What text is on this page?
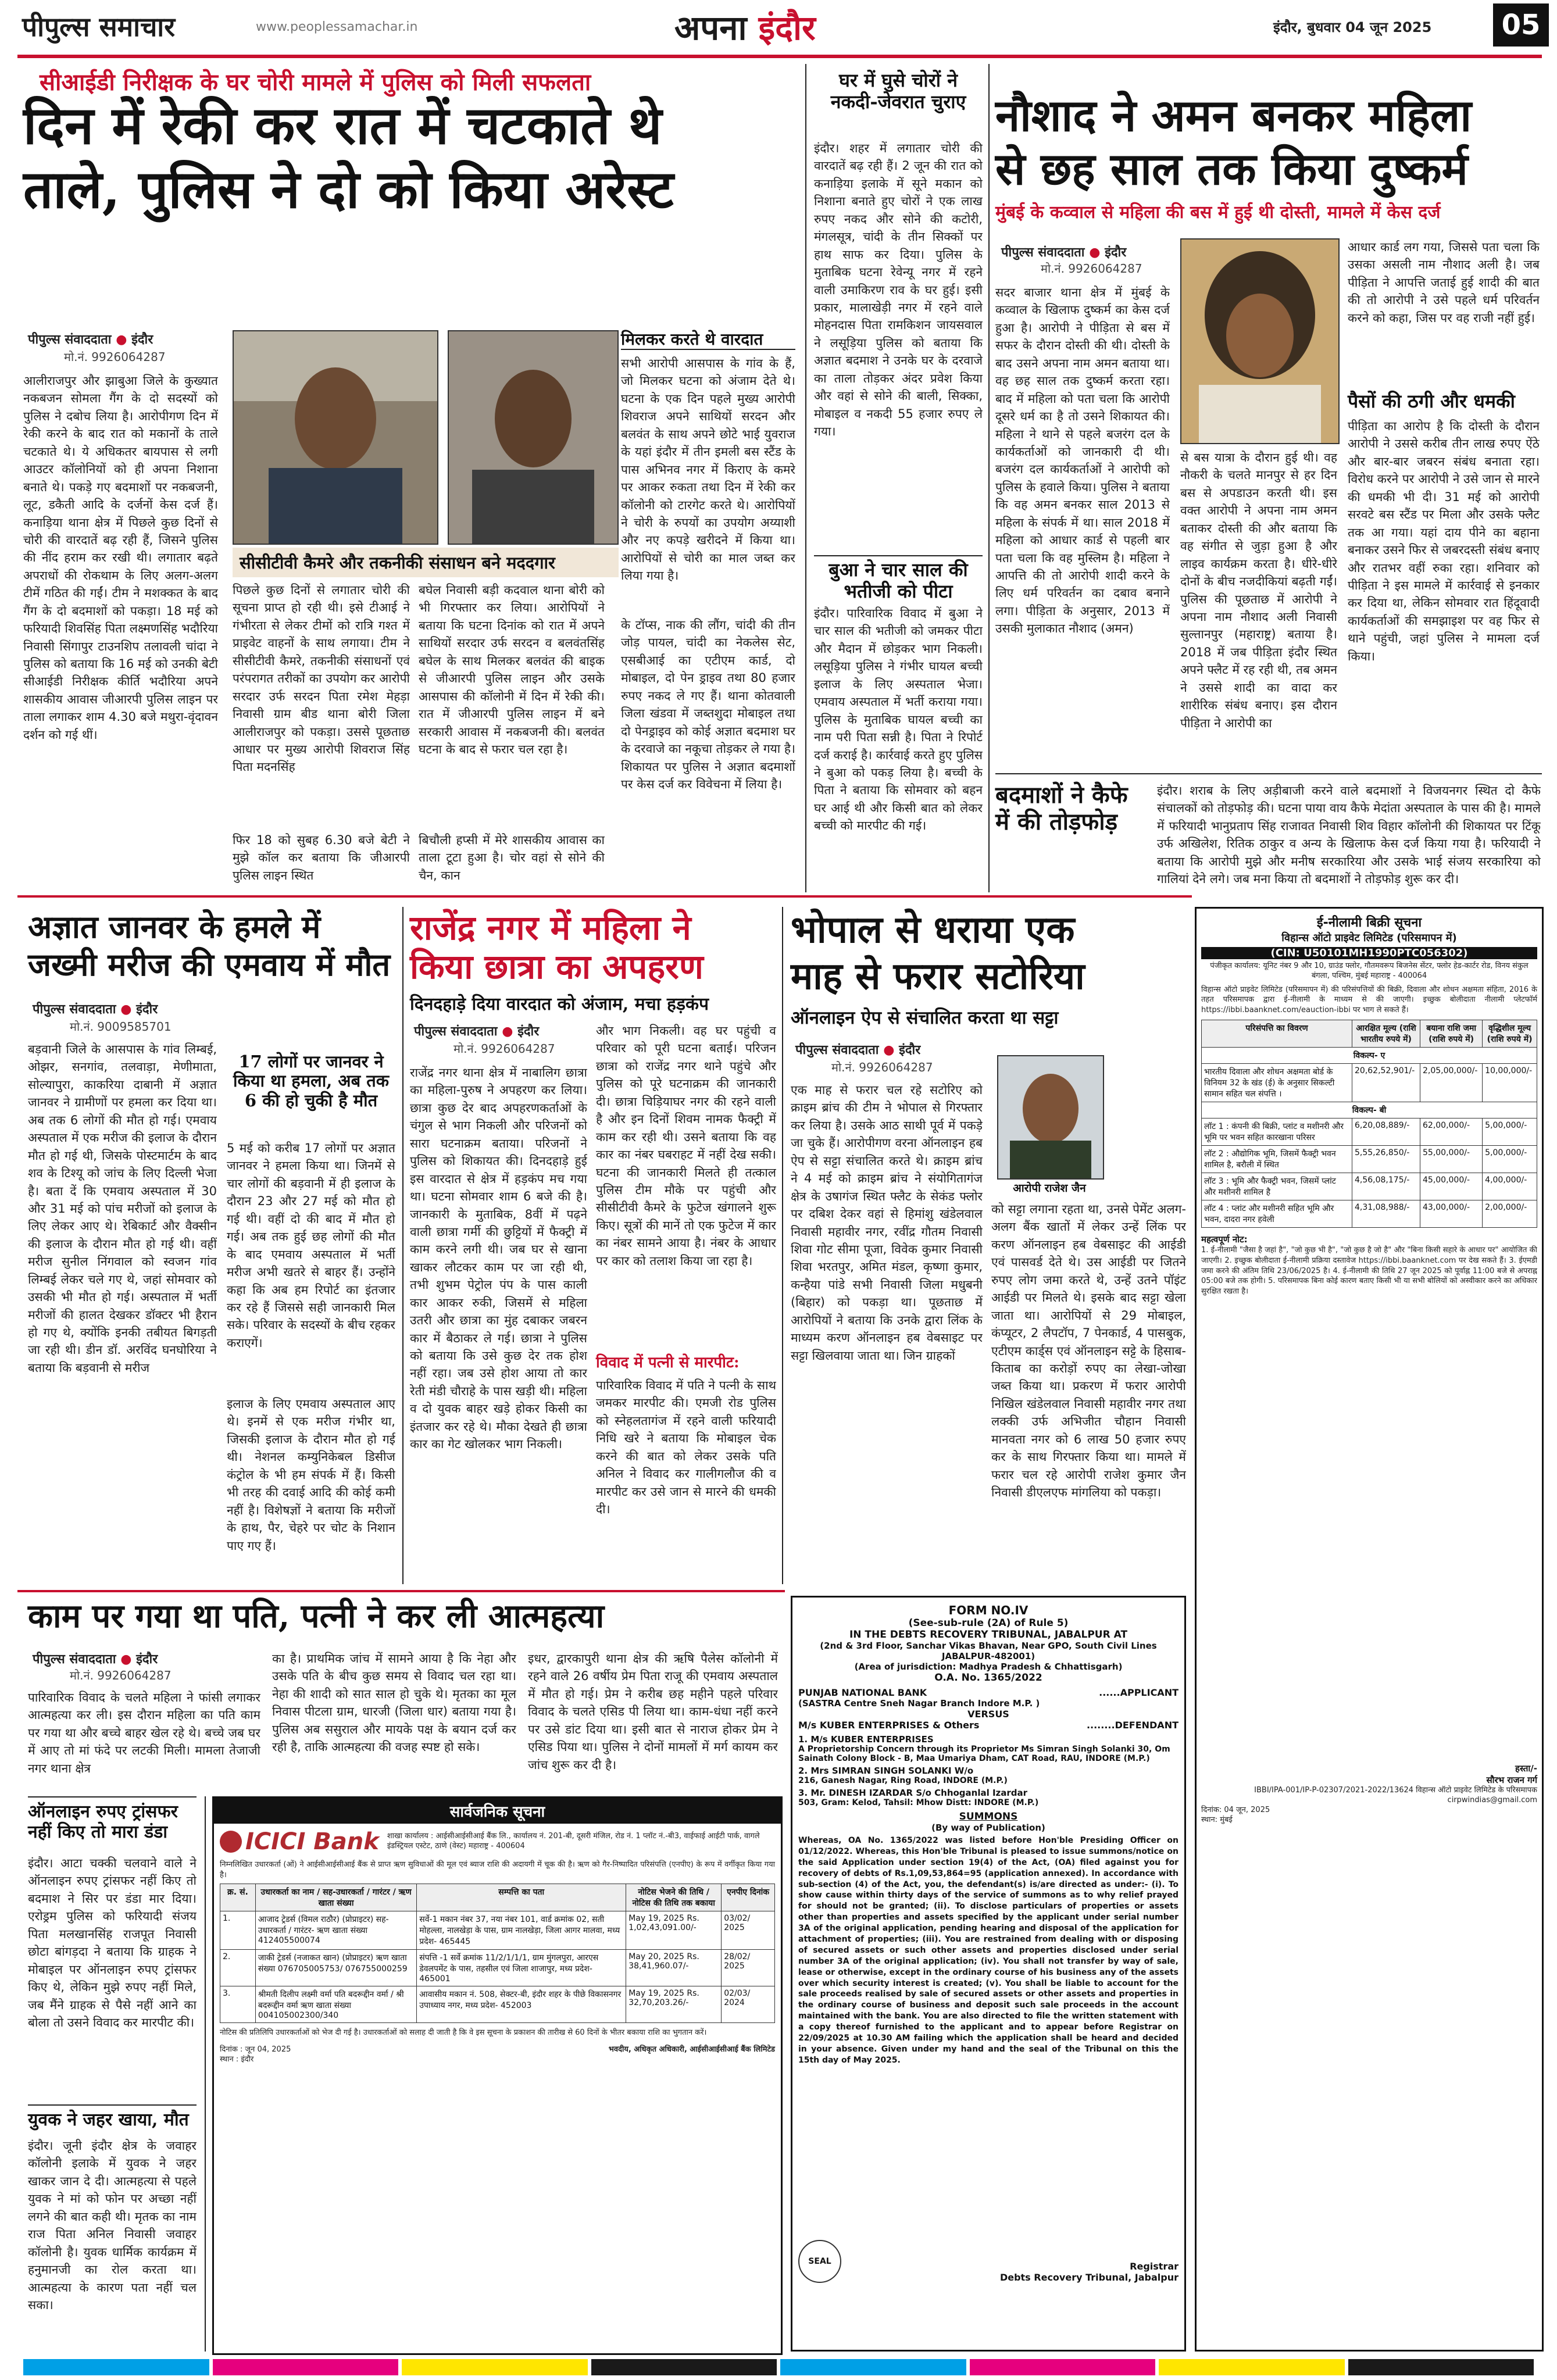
पीपुल्स समाचार	www.peoplessamachar.in	अपना इंदौर	इंदौर, बुधवार 04 जून 2025	05
सीआईडी निरीक्षक के घर चोरी मामले में पुलिस को मिली सफलता
दिन में रेकी कर रात में चटकाते थे
ताले, पुलिस ने दो को किया अरेस्ट
पीपुल्स संवाददाता ● इंदौर
मो.नं. 9926064287
आलीराजपुर और झाबुआ जिले के कुख्यात नकबजन सोमला गैंग के दो सदस्यों को पुलिस ने दबोच लिया है। आरोपीगण दिन में रेकी करने के बाद रात को मकानों के ताले चटकाते थे। ये अधिकतर बायपास से लगी आउटर कॉलोनियों को ही अपना निशाना बनाते थे। पकड़े गए बदमाशों पर नकबजनी, लूट, डकैती आदि के दर्जनों केस दर्ज हैं। कनाड़िया थाना क्षेत्र में पिछले कुछ दिनों से चोरी की वारदातें बढ़ रही हैं, जिसने पुलिस की नींद हराम कर रखी थी। लगातार बढ़ते अपराधों की रोकथाम के लिए अलग-अलग टीमें गठित की गईं। टीम ने मशक्कत के बाद गैंग के दो बदमाशों को पकड़ा। 18 मई को फरियादी शिवसिंह पिता लक्ष्मणसिंह भदौरिया निवासी सिंगापुर टाउनशिप तलावली चांदा ने पुलिस को बताया कि 16 मई को उनकी बेटी सीआईडी निरीक्षक कीर्ति भदौरिया अपने शासकीय आवास जीआरपी पुलिस लाइन पर ताला लगाकर शाम 4.30 बजे मथुरा-वृंदावन दर्शन को गई थीं।
सीसीटीवी कैमरे और तकनीकी संसाधन बने मददगार
पिछले कुछ दिनों से लगातार चोरी की सूचना प्राप्त हो रही थी। इसे टीआई ने गंभीरता से लेकर टीमों को रात्रि गश्त में प्राइवेट वाहनों के साथ लगाया। टीम ने सीसीटीवी कैमरे, तकनीकी संसाधनों एवं परंपरागत तरीकों का उपयोग कर आरोपी सरदार उर्फ सरदन पिता रमेश मेहड़ा निवासी ग्राम बीड थाना बोरी जिला आलीराजपुर को पकड़ा। उससे पूछताछ आधार पर मुख्य आरोपी शिवराज सिंह पिता मदनसिंह
फिर 18 को सुबह 6.30 बजे बेटी ने मुझे कॉल कर बताया कि जीआरपी पुलिस लाइन स्थित
बघेल निवासी बड़ी कदवाल थाना बोरी को भी गिरफ्तार कर लिया। आरोपियों ने बताया कि घटना दिनांक को रात में अपने साथियों सरदार उर्फ सरदन व बलवंतसिंह बघेल के साथ मिलकर बलवंत की बाइक से जीआरपी पुलिस लाइन और उसके आसपास की कॉलोनी में दिन में रेकी की। रात में जीआरपी पुलिस लाइन में बने सरकारी आवास में नकबजनी की। बलवंत घटना के बाद से फरार चल रहा है।
बिचौली हप्सी में मेरे शासकीय आवास का ताला टूटा हुआ है। चोर वहां से सोने की चैन, कान
मिलकर करते थे वारदात
सभी आरोपी आसपास के गांव के हैं, जो मिलकर घटना को अंजाम देते थे। घटना के एक दिन पहले मुख्य आरोपी शिवराज अपने साथियों सरदन और बलवंत के साथ अपने छोटे भाई युवराज के यहां इंदौर में तीन इमली बस स्टैंड के पास अभिनव नगर में किराए के कमरे पर आकर रुकता तथा दिन में रेकी कर कॉलोनी को टारगेट करते थे। आरोपियों ने चोरी के रुपयों का उपयोग अय्याशी और नए कपड़े खरीदने में किया था। आरोपियों से चोरी का माल जब्त कर लिया गया है।
के टॉप्स, नाक की लौंग, चांदी की तीन जोड़ पायल, चांदी का नेकलेस सेट, एसबीआई का एटीएम कार्ड, दो मोबाइल, दो पेन ड्राइव तथा 80 हजार रुपए नकद ले गए हैं। थाना कोतवाली जिला खंडवा में जब्तशुदा मोबाइल तथा दो पेनड्राइव को कोई अज्ञात बदमाश घर के दरवाजे का नकूचा तोड़कर ले गया है। शिकायत पर पुलिस ने अज्ञात बदमाशों पर केस दर्ज कर विवेचना में लिया है।
घर में घुसे चोरों ने नकदी-जेवरात चुराए
इंदौर। शहर में लगातार चोरी की वारदातें बढ़ रही हैं। 2 जून की रात को कनाड़िया इलाके में सूने मकान को निशाना बनाते हुए चोरों ने एक लाख रुपए नकद और सोने की कटोरी, मंगलसूत्र, चांदी के तीन सिक्कों पर हाथ साफ कर दिया। पुलिस के मुताबिक घटना रेवेन्यू नगर में रहने वाली उमाकिरण राव के घर हुई। इसी प्रकार, मालाखेड़ी नगर में रहने वाले मोहनदास पिता रामकिशन जायसवाल ने लसूड़िया पुलिस को बताया कि अज्ञात बदमाश ने उनके घर के दरवाजे का ताला तोड़कर अंदर प्रवेश किया और वहां से सोने की बाली, सिक्का, मोबाइल व नकदी 55 हजार रुपए ले गया।
बुआ ने चार साल की भतीजी को पीटा
इंदौर। पारिवारिक विवाद में बुआ ने चार साल की भतीजी को जमकर पीटा और मैदान में छोड़कर भाग निकली। लसूड़िया पुलिस ने गंभीर घायल बच्ची इलाज के लिए अस्पताल भेजा। एमवाय अस्पताल में भर्ती कराया गया। पुलिस के मुताबिक घायल बच्ची का नाम परी पिता सन्नी है। पिता ने रिपोर्ट दर्ज कराई है। कार्रवाई करते हुए पुलिस ने बुआ को पकड़ लिया है। बच्ची के पिता ने बताया कि सोमवार को बहन घर आई थी और किसी बात को लेकर बच्ची को मारपीट की गई।
नौशाद ने अमन बनकर महिला
से छह साल तक किया दुष्कर्म
मुंबई के कव्वाल से महिला की बस में हुई थी दोस्ती, मामले में केस दर्ज
पीपुल्स संवाददाता ● इंदौर
मो.नं. 9926064287
सदर बाजार थाना क्षेत्र में मुंबई के कव्वाल के खिलाफ दुष्कर्म का केस दर्ज हुआ है। आरोपी ने पीड़िता से बस में सफर के दौरान दोस्ती की थी। दोस्ती के बाद उसने अपना नाम अमन बताया था। वह छह साल तक दुष्कर्म करता रहा। बाद में महिला को पता चला कि आरोपी दूसरे धर्म का है तो उसने शिकायत की। महिला ने थाने से पहले बजरंग दल के कार्यकर्ताओं को जानकारी दी थी। बजरंग दल कार्यकर्ताओं ने आरोपी को पुलिस के हवाले किया। पुलिस ने बताया कि वह अमन बनकर साल 2013 से महिला के संपर्क में था। साल 2018 में महिला को आधार कार्ड से पहली बार पता चला कि वह मुस्लिम है। महिला ने आपत्ति की तो आरोपी शादी करने के लिए धर्म परिवर्तन का दबाव बनाने लगा। पीड़िता के अनुसार, 2013 में उसकी मुलाकात नौशाद (अमन)
से बस यात्रा के दौरान हुई थी। वह नौकरी के चलते मानपुर से हर दिन बस से अपडाउन करती थी। इस वक्त आरोपी ने अपना नाम अमन बताकर दोस्ती की और बताया कि वह संगीत से जुड़ा हुआ है और लाइव कार्यक्रम करता है। धीरे-धीरे दोनों के बीच नजदीकियां बढ़ती गईं। पुलिस की पूछताछ में आरोपी ने अपना नाम नौशाद अली निवासी सुल्तानपुर (महाराष्ट्र) बताया है। 2018 में जब पीड़िता इंदौर स्थित अपने फ्लैट में रह रही थी, तब अमन ने उससे शादी का वादा कर शारीरिक संबंध बनाए। इस दौरान पीड़िता ने आरोपी का
आधार कार्ड लग गया, जिससे पता चला कि उसका असली नाम नौशाद अली है। जब पीड़िता ने आपत्ति जताई हुई शादी की बात की तो आरोपी ने उसे पहले धर्म परिवर्तन करने को कहा, जिस पर वह राजी नहीं हुई।
पैसों की ठगी और धमकी
पीड़िता का आरोप है कि दोस्ती के दौरान आरोपी ने उससे करीब तीन लाख रुपए ऐंठे और बार-बार जबरन संबंध बनाता रहा। विरोध करने पर आरोपी ने उसे जान से मारने की धमकी भी दी। 31 मई को आरोपी सरवटे बस स्टैंड पर मिला और उसके फ्लैट तक आ गया। यहां दाय पीने का बहाना बनाकर उसने फिर से जबरदस्ती संबंध बनाए और रातभर वहीं रुका रहा। शनिवार को पीड़िता ने इस मामले में कार्रवाई से इनकार कर दिया था, लेकिन सोमवार रात हिंदूवादी कार्यकर्ताओं की समझाइश पर वह फिर से थाने पहुंची, जहां पुलिस ने मामला दर्ज किया।
बदमाशों ने कैफे में की तोड़फोड़
इंदौर। शराब के लिए अड़ीबाजी करने वाले बदमाशों ने विजयनगर स्थित दो कैफे संचालकों को तोड़फोड़ की। घटना पाया वाय कैफे मेदांता अस्पताल के पास की है। मामले में फरियादी भानुप्रताप सिंह राजावत निवासी शिव विहार कॉलोनी की शिकायत पर टिंकू उर्फ अखिलेश, रितिक ठाकुर व अन्य के खिलाफ केस दर्ज किया गया है। फरियादी ने बताया कि आरोपी मुझे और मनीष सरकारिया और उसके भाई संजय सरकारिया को गालियां देने लगे। जब मना किया तो बदमाशों ने तोड़फोड़ शुरू कर दी।
अज्ञात जानवर के हमले में
जख्मी मरीज की एमवाय में मौत
पीपुल्स संवाददाता ● इंदौर
मो.नं. 9009585701
बड़वानी जिले के आसपास के गांव लिम्बई, ओझर, सनगांव, तलवाड़ा, मेणीमाता, सोल्यापुरा, काकरिया दाबानी में अज्ञात जानवर ने ग्रामीणों पर हमला कर दिया था। अब तक 6 लोगों की मौत हो गई। एमवाय अस्पताल में एक मरीज की इलाज के दौरान मौत हो गई थी, जिसके पोस्टमार्टम के बाद शव के टिश्यू को जांच के लिए दिल्ली भेजा है। बता दें कि एमवाय अस्पताल में 30 और 31 मई को पांच मरीजों को इलाज के लिए लेकर आए थे। रेबिकार्ट और वैक्सीन की इलाज के दौरान मौत हो गई थी। वहीं मरीज सुनील निंगवाल को स्वजन गांव लिम्बई लेकर चले गए थे, जहां सोमवार को उसकी भी मौत हो गई। अस्पताल में भर्ती मरीजों की हालत देखकर डॉक्टर भी हैरान हो गए थे, क्योंकि इनकी तबीयत बिगड़ती जा रही थी। डीन डॉ. अरविंद घनघोरिया ने बताया कि बड़वानी से मरीज
17 लोगों पर जानवर ने किया था हमला, अब तक 6 की हो चुकी है मौत
5 मई को करीब 17 लोगों पर अज्ञात जानवर ने हमला किया था। जिनमें से चार लोगों की बड़वानी में ही इलाज के दौरान 23 और 27 मई को मौत हो गई थी। वहीं दो की बाद में मौत हो गई। अब तक हुई छह लोगों की मौत के बाद एमवाय अस्पताल में भर्ती मरीज अभी खतरे से बाहर हैं। उन्होंने कहा कि अब हम रिपोर्ट का इंतजार कर रहे हैं जिससे सही जानकारी मिल सके। परिवार के सदस्यों के बीच रहकर कराएगें।
इलाज के लिए एमवाय अस्पताल आए थे। इनमें से एक मरीज गंभीर था, जिसकी इलाज के दौरान मौत हो गई थी। नेशनल कम्युनिकेबल डिसीज कंट्रोल के भी हम संपर्क में हैं। किसी भी तरह की दवाई आदि की कोई कमी नहीं है। विशेषज्ञों ने बताया कि मरीजों के हाथ, पैर, चेहरे पर चोट के निशान पाए गए हैं।
राजेंद्र नगर में महिला ने
किया छात्रा का अपहरण
दिनदहाड़े दिया वारदात को अंजाम, मचा हड़कंप
पीपुल्स संवाददाता ● इंदौर
मो.नं. 9926064287
राजेंद्र नगर थाना क्षेत्र में नाबालिग छात्रा का महिला-पुरुष ने अपहरण कर लिया। छात्रा कुछ देर बाद अपहरणकर्ताओं के चंगुल से भाग निकली और परिजनों को सारा घटनाक्रम बताया। परिजनों ने पुलिस को शिकायत की। दिनदहाड़े हुई इस वारदात से क्षेत्र में हड़कंप मच गया था। घटना सोमवार शाम 6 बजे की है। जानकारी के मुताबिक, 8वीं में पढ़ने वाली छात्रा गर्मी की छुट्टियों में फैक्ट्री में काम करने लगी थी। जब घर से खाना खाकर लौटकर काम पर जा रही थी, तभी शुभम पेट्रोल पंप के पास काली कार आकर रुकी, जिसमें से महिला उतरी और छात्रा का मुंह दबाकर जबरन कार में बैठाकर ले गई। छात्रा ने पुलिस को बताया कि उसे कुछ देर तक होश नहीं रहा। जब उसे होश आया तो कार रेती मंडी चौराहे के पास खड़ी थी। महिला व दो युवक बाहर खड़े होकर किसी का इंतजार कर रहे थे। मौका देखते ही छात्रा कार का गेट खोलकर भाग निकली।
और भाग निकली। वह घर पहुंची व परिवार को पूरी घटना बताई। परिजन छात्रा को राजेंद्र नगर थाने पहुंचे और पुलिस को पूरे घटनाक्रम की जानकारी दी। छात्रा चिड़ियाघर नगर की रहने वाली है और इन दिनों शिवम नामक फैक्ट्री में काम कर रही थी। उसने बताया कि वह कार का नंबर घबराहट में नहीं देख सकी। घटना की जानकारी मिलते ही तत्काल पुलिस टीम मौके पर पहुंची और सीसीटीवी कैमरे के फुटेज खंगालने शुरू किए। सूत्रों की मानें तो एक फुटेज में कार का नंबर सामने आया है। नंबर के आधार पर कार को तलाश किया जा रहा है।
विवाद में पत्नी से मारपीट:
पारिवारिक विवाद में पति ने पत्नी के साथ जमकर मारपीट की। एमजी रोड पुलिस को स्नेहलतागंज में रहने वाली फरियादी निधि खरे ने बताया कि मोबाइल चेक करने की बात को लेकर उसके पति अनिल ने विवाद कर गालीगलौज की व मारपीट कर उसे जान से मारने की धमकी दी।
भोपाल से धराया एक
माह से फरार सटोरिया
ऑनलाइन ऐप से संचालित करता था सट्टा
पीपुल्स संवाददाता ● इंदौर
मो.नं. 9926064287
एक माह से फरार चल रहे सटोरिए को क्राइम ब्रांच की टीम ने भोपाल से गिरफ्तार कर लिया है। उसके आठ साथी पूर्व में पकड़े जा चुके हैं। आरोपीगण वरना ऑनलाइन हब ऐप से सट्टा संचालित करते थे। क्राइम ब्रांच ने 4 मई को क्राइम ब्रांच ने संयोगितागंज क्षेत्र के उषागंज स्थित फ्लैट के सेकंड फ्लोर पर दबिश देकर वहां से हिमांशु खंडेलवाल निवासी महावीर नगर, रवींद्र गौतम निवासी शिवा गोट सीमा पूजा, विवेक कुमार निवासी शिवा भरतपुर, अमित मंडल, कृष्णा कुमार, कन्हैया पांडे सभी निवासी जिला मधुबनी (बिहार) को पकड़ा था। पूछताछ में आरोपियों ने बताया कि उनके द्वारा लिंक के माध्यम करण ऑनलाइन हब वेबसाइट पर सट्टा खिलवाया जाता था। जिन ग्राहकों
आरोपी राजेश जैन
को सट्टा लगाना रहता था, उनसे पेमेंट अलग-अलग बैंक खातों में लेकर उन्हें लिंक पर करण ऑनलाइन हब वेबसाइट की आईडी एवं पासवर्ड देते थे। उस आईडी पर जितने रुपए लोग जमा करते थे, उन्हें उतने पॉइंट आईडी पर मिलते थे। इसके बाद सट्टा खेला जाता था। आरोपियों से 29 मोबाइल, कंप्यूटर, 2 लैपटॉप, 7 पेनकार्ड, 4 पासबुक, एटीएम कार्ड्स एवं ऑनलाइन सट्टे के हिसाब-किताब का करोड़ों रुपए का लेखा-जोखा जब्त किया था। प्रकरण में फरार आरोपी निखिल खंडेलवाल निवासी महावीर नगर तथा लक्की उर्फ अभिजीत चौहान निवासी मानवता नगर को 6 लाख 50 हजार रुपए कर के साथ गिरफ्तार किया था। मामले में फरार चल रहे आरोपी राजेश कुमार जैन निवासी डीएलएफ मांगलिया को पकड़ा।
काम पर गया था पति, पत्नी ने कर ली आत्महत्या
पीपुल्स संवाददाता ● इंदौर
मो.नं. 9926064287
पारिवारिक विवाद के चलते महिला ने फांसी लगाकर आत्महत्या कर ली। इस दौरान महिला का पति काम पर गया था और बच्चे बाहर खेल रहे थे। बच्चे जब घर में आए तो मां फंदे पर लटकी मिली। मामला तेजाजी नगर थाना क्षेत्र
का है। प्राथमिक जांच में सामने आया है कि नेहा और उसके पति के बीच कुछ समय से विवाद चल रहा था। नेहा की शादी को सात साल हो चुके थे। मृतका का मूल निवास पीटला ग्राम, धारजी (जिला धार) बताया गया है। पुलिस अब ससुराल और मायके पक्ष के बयान दर्ज कर रही है, ताकि आत्महत्या की वजह स्पष्ट हो सके।
इधर, द्वारकापुरी थाना क्षेत्र की ऋषि पैलेस कॉलोनी में रहने वाले 26 वर्षीय प्रेम पिता राजू की एमवाय अस्पताल में मौत हो गई। प्रेम ने करीब छह महीने पहले परिवार विवाद के चलते एसिड पी लिया था। काम-धंधा नहीं करने पर उसे डांट दिया था। इसी बात से नाराज होकर प्रेम ने एसिड पिया था। पुलिस ने दोनों मामलों में मर्ग कायम कर जांच शुरू कर दी है।
ऑनलाइन रुपए ट्रांसफर नहीं किए तो मारा डंडा
इंदौर। आटा चक्की चलवाने वाले ने ऑनलाइन रुपए ट्रांसफर नहीं किए तो बदमाश ने सिर पर डंडा मार दिया। एरोड्रम पुलिस को फरियादी संजय पिता मलखानसिंह राजपूत निवासी छोटा बांगड़दा ने बताया कि ग्राहक ने मोबाइल पर ऑनलाइन रुपए ट्रांसफर किए थे, लेकिन मुझे रुपए नहीं मिले, जब मैंने ग्राहक से पैसे नहीं आने का बोला तो उसने विवाद कर मारपीट की।
युवक ने जहर खाया, मौत
इंदौर। जूनी इंदौर क्षेत्र के जवाहर कॉलोनी इलाके में युवक ने जहर खाकर जान दे दी। आत्महत्या से पहले युवक ने मां को फोन पर अच्छा नहीं लगने की बात कही थी। मृतक का नाम राज पिता अनिल निवासी जवाहर कॉलोनी है। युवक धार्मिक कार्यक्रम में हनुमानजी का रोल करता था। आत्महत्या के कारण पता नहीं चल सका।
सार्वजनिक सूचना
ICICI Bank शाखा कार्यालय : आईसीआईसीआई बैंक लि., कार्यालय नं. 201-बी, दूसरी मंजिल, रोड नं. 1 प्लॉट नं.-बी3, वाईफाई आईटी पार्क, वागले इंडस्ट्रियल एस्टेट, ठाणे (वेस्ट) महाराष्ट्र - 400604
निम्नलिखित उधारकर्ता (ओं) ने आईसीआईसीआई बैंक से प्राप्त ऋण सुविधाओं की मूल एवं ब्याज राशि की अदायगी में चूक की है। ऋण को गैर-निष्पादित परिसंपत्ति (एनपीए) के रूप में वर्गीकृत किया गया है।
क्र. सं.	उधारकर्ता का नाम / सह-उधारकर्ता / गारंटर / ऋण खाता संख्या	सम्पत्ति का पता	नोटिस भेजने की तिथि / नोटिस की तिथि तक बकाया	एनपीए दिनांक
1.	आजाद ट्रेडर्स (विमल राठौर) (प्रोप्राइटर) सह-उधारकर्ता / गारंटर- ऋण खाता संख्या 412405500074	सर्वे-1 मकान नंबर 37, नया नंबर 101, वार्ड क्रमांक 02, सती मोहल्ला, नालखेड़ा के पास, ग्राम नालखेड़ा, जिला आगर मालवा, मध्य प्रदेश- 465445	May 19, 2025 Rs. 1,02,43,091.00/-	03/02/ 2025
2.	जाकी ट्रेडर्स (नजाकत खान) (प्रोप्राइटर) ऋण खाता संख्या 076705005753/ 076755000259	संपत्ति -1 सर्वे क्रमांक 11/2/1/1/1, ग्राम मुंगलपुरा, आरएस डेवलपमेंट के पास, तहसील एवं जिला शाजापुर, मध्य प्रदेश- 465001	May 20, 2025 Rs. 38,41,960.07/-	28/02/ 2025
3.	श्रीमती दिलीप लक्ष्मी वर्मा पति बदरूद्दीन वर्मा / श्री बदरूद्दीन वर्मा ऋण खाता संख्या 004105002300/340	आवासीय मकान नं. 508, सेक्टर-बी, इंदौर शहर के पीछे विकासनगर उपाध्याय नगर, मध्य प्रदेश- 452003	May 19, 2025 Rs. 32,70,203.26/-	02/03/ 2024
नोटिस की प्रतिलिपि उधारकर्ताओं को भेज दी गई है। उधारकर्ताओं को सलाह दी जाती है कि वे इस सूचना के प्रकाशन की तारीख से 60 दिनों के भीतर बकाया राशि का भुगतान करें।
दिनांक : जून 04, 2025
स्थान : इंदौर
भवदीय, अधिकृत अधिकारी, आईसीआईसीआई बैंक लिमिटेड
FORM NO.IV
(See-sub-rule (2A) of Rule 5)
IN THE DEBTS RECOVERY TRIBUNAL, JABALPUR AT
(2nd & 3rd Floor, Sanchar Vikas Bhavan, Near GPO, South Civil Lines JABALPUR-482001)
(Area of jurisdiction: Madhya Pradesh & Chhattisgarh)
O.A. No. 1365/2022
PUNJAB NATIONAL BANK	......APPLICANT
(SASTRA Centre Sneh Nagar Branch Indore M.P. )
VERSUS
M/s KUBER ENTERPRISES & Others	........DEFENDANT
1. M/s KUBER ENTERPRISES
A Proprietorship Concern through its Proprietor Ms Simran Singh Solanki 30, Om Sainath Colony Block - B, Maa Umariya Dham, CAT Road, RAU, INDORE (M.P.)
2. Mrs SIMRAN SINGH SOLANKI W/o
216, Ganesh Nagar, Ring Road, INDORE (M.P.)
3. Mr. DINESH IZARDAR S/o Chhoganlal Izardar
503, Gram: Kelod, Tahsil: Mhow Distt: INDORE (M.P.)
SUMMONS
(By way of Publication)
Whereas, OA No. 1365/2022 was listed before Hon'ble Presiding Officer on 01/12/2022. Whereas, this Hon'ble Tribunal is pleased to issue summons/notice on the said Application under section 19(4) of the Act, (OA) filed against you for recovery of debts of Rs.1,09,53,864=95 (application annexed). In accordance with sub-section (4) of the Act, you, the defendant(s) is/are directed as under:- (i). To show cause within thirty days of the service of summons as to why relief prayed for should not be granted; (ii). To disclose particulars of properties or assets other than properties and assets specified by the applicant under serial number 3A of the original application, pending hearing and disposal of the application for attachment of properties; (iii). You are restrained from dealing with or disposing of secured assets or such other assets and properties disclosed under serial number 3A of the original application; (iv). You shall not transfer by way of sale, lease or otherwise, except in the ordinary course of his business any of the assets over which security interest is created; (v). You shall be liable to account for the sale proceeds realised by sale of secured assets or other assets and properties in the ordinary course of business and deposit such sale proceeds in the account maintained with the bank. You are also directed to file the written statement with a copy thereof furnished to the applicant and to appear before Registrar on 22/09/2025 at 10.30 AM failing which the application shall be heard and decided in your absence. Given under my hand and the seal of the Tribunal on this the 15th day of May 2025.
SEAL	Registrar
Debts Recovery Tribunal, Jabalpur
ई-नीलामी बिक्री सूचना
विहान्स ऑटो प्राइवेट लिमिटेड (परिसमापन में)
(CIN: U50101MH1990PTC056302)
पंजीकृत कार्यालय: यूनिट नंबर 9 और 10, ग्राउंड फ्लोर, गौतमवरूप बिजनेस सेंटर, फ्लोर हेड-कार्टर रोड, विनय संकुल बंगला, पश्चिम, मुंबई महाराष्ट्र - 400064
विहान्स ऑटो प्राइवेट लिमिटेड (परिसमापन में) की परिसंपत्तियों की बिक्री, दिवाला और शोधन अक्षमता संहिता, 2016 के तहत परिसमापक द्वारा ई-नीलामी के माध्यम से की जाएगी। इच्छुक बोलीदाता नीलामी प्लेटफॉर्म https://ibbi.baanknet.com/eauction-ibbi पर भाग ले सकते हैं।
परिसंपत्ति का विवरण	आरक्षित मूल्य (राशि भारतीय रुपये में)	बयाना राशि जमा (राशि रुपये में)	वृद्धिशील मूल्य (राशि रुपये में)
विकल्प- ए			
भारतीय दिवाला और शोधन अक्षमता बोर्ड के विनियम 32 के खंड (ई) के अनुसार सिकल्टी सामान सहित चल संपत्ति ।	20,62,52,901/-	2,05,00,000/-	10,00,000/-
विकल्प- बी			
लॉट 1 : कंपनी की बिक्री, प्लांट व मशीनरी और भूमि पर भवन सहित कारखाना परिसर	6,20,08,889/-	62,00,000/-	5,00,000/-
लॉट 2 : औद्योगिक भूमि, जिसमें फैक्ट्री भवन शामिल है, बरौली में स्थित	5,55,26,850/-	55,00,000/-	5,00,000/-
लॉट 3 : भूमि और फैक्ट्री भवन, जिसमें प्लांट और मशीनरी शामिल है	4,56,08,175/-	45,00,000/-	4,00,000/-
लॉट 4 : प्लांट और मशीनरी सहित भूमि और भवन, दादरा नगर हवेली	4,31,08,988/-	43,00,000/-	2,00,000/-
महत्वपूर्ण नोट:
1. ई-नीलामी "जैसा है जहां है", "जो कुछ भी है", "जो कुछ है जो है" और "बिना किसी सहारे के आधार पर" आयोजित की जाएगी। 2. इच्छुक बोलीदाता ई-नीलामी प्रक्रिया दस्तावेज https://ibbi.baanknet.com पर देख सकते हैं। 3. ईएमडी जमा करने की अंतिम तिथि 23/06/2025 है। 4. ई-नीलामी की तिथि 27 जून 2025 को पूर्वाह्न 11:00 बजे से अपराह्न 05:00 बजे तक होगी। 5. परिसमापक बिना कोई कारण बताए किसी भी या सभी बोलियों को अस्वीकार करने का अधिकार सुरक्षित रखता है।
हस्ता/-
सौरभ राजन गर्ग
IBBI/IPA-001/IP-P-02307/2021-2022/13624 विहान्स ऑटो प्राइवेट लिमिटेड के परिसमापक
cirpwindias@gmail.com
दिनांक: 04 जून, 2025
स्थान: मुंबई
